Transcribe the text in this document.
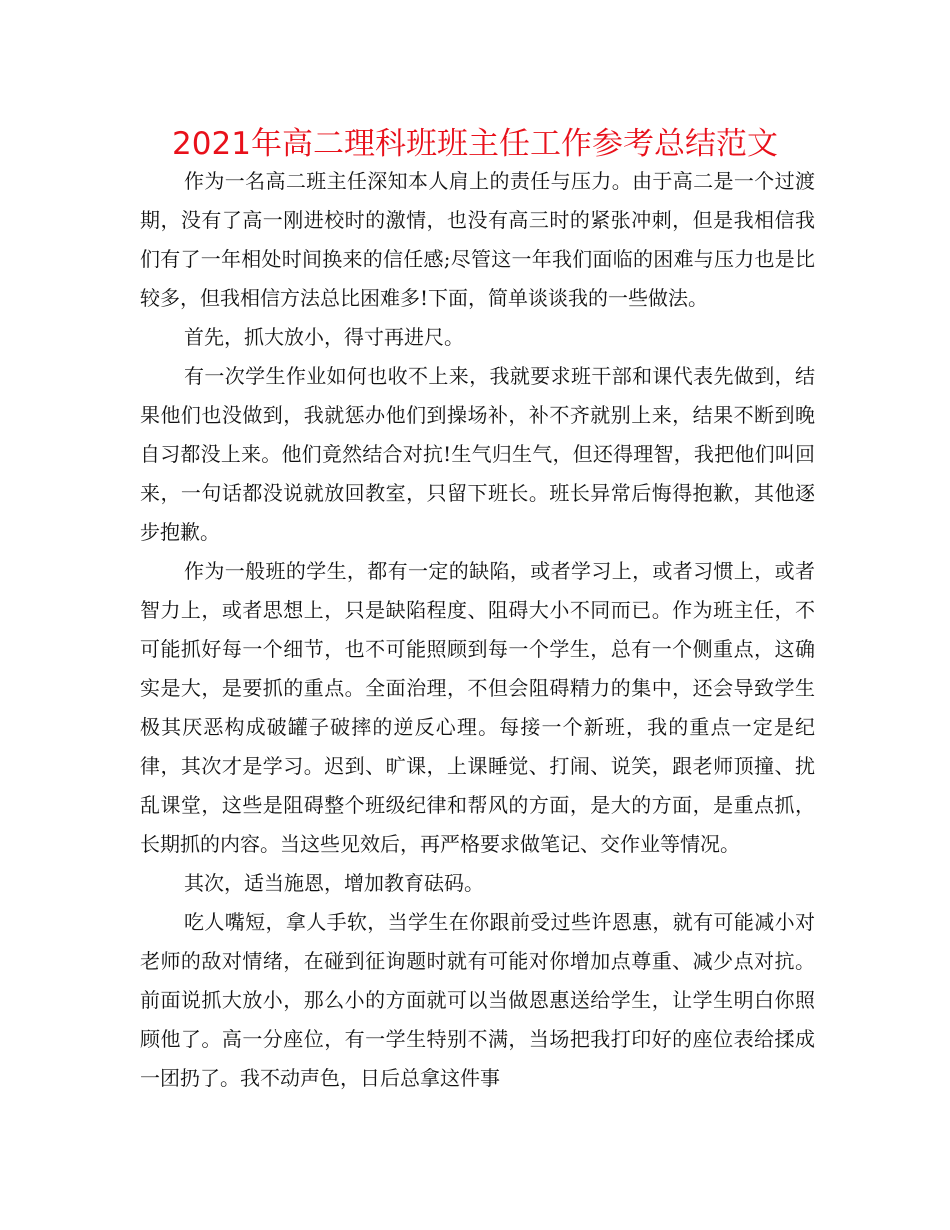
2021年高二理科班班主任工作参考总结范文

作为一名高二班主任深知本人肩上的责任与压力。由于高二是一个过渡期，没有了高一刚进校时的激情，也没有高三时的紧张冲刺，但是我相信我们有了一年相处时间换来的信任感;尽管这一年我们面临的困难与压力也是比较多，但我相信方法总比困难多!下面，简单谈谈我的一些做法。

首先，抓大放小，得寸再进尺。

有一次学生作业如何也收不上来，我就要求班干部和课代表先做到，结果他们也没做到，我就惩办他们到操场补，补不齐就别上来，结果不断到晚自习都没上来。他们竟然结合对抗!生气归生气，但还得理智，我把他们叫回来，一句话都没说就放回教室，只留下班长。班长异常后悔得抱歉，其他逐步抱歉。

作为一般班的学生，都有一定的缺陷，或者学习上，或者习惯上，或者智力上，或者思想上，只是缺陷程度、阻碍大小不同而已。作为班主任，不可能抓好每一个细节，也不可能照顾到每一个学生，总有一个侧重点，这确实是大，是要抓的重点。全面治理，不但会阻碍精力的集中，还会导致学生极其厌恶构成破罐子破摔的逆反心理。每接一个新班，我的重点一定是纪律，其次才是学习。迟到、旷课，上课睡觉、打闹、说笑，跟老师顶撞、扰乱课堂，这些是阻碍整个班级纪律和帮风的方面，是大的方面，是重点抓，长期抓的内容。当这些见效后，再严格要求做笔记、交作业等情况。

其次，适当施恩，增加教育砝码。

吃人嘴短，拿人手软，当学生在你跟前受过些许恩惠，就有可能减小对老师的敌对情绪，在碰到征询题时就有可能对你增加点尊重、减少点对抗。前面说抓大放小，那么小的方面就可以当做恩惠送给学生，让学生明白你照顾他了。高一分座位，有一学生特别不满，当场把我打印好的座位表给揉成一团扔了。我不动声色，日后总拿这件事
